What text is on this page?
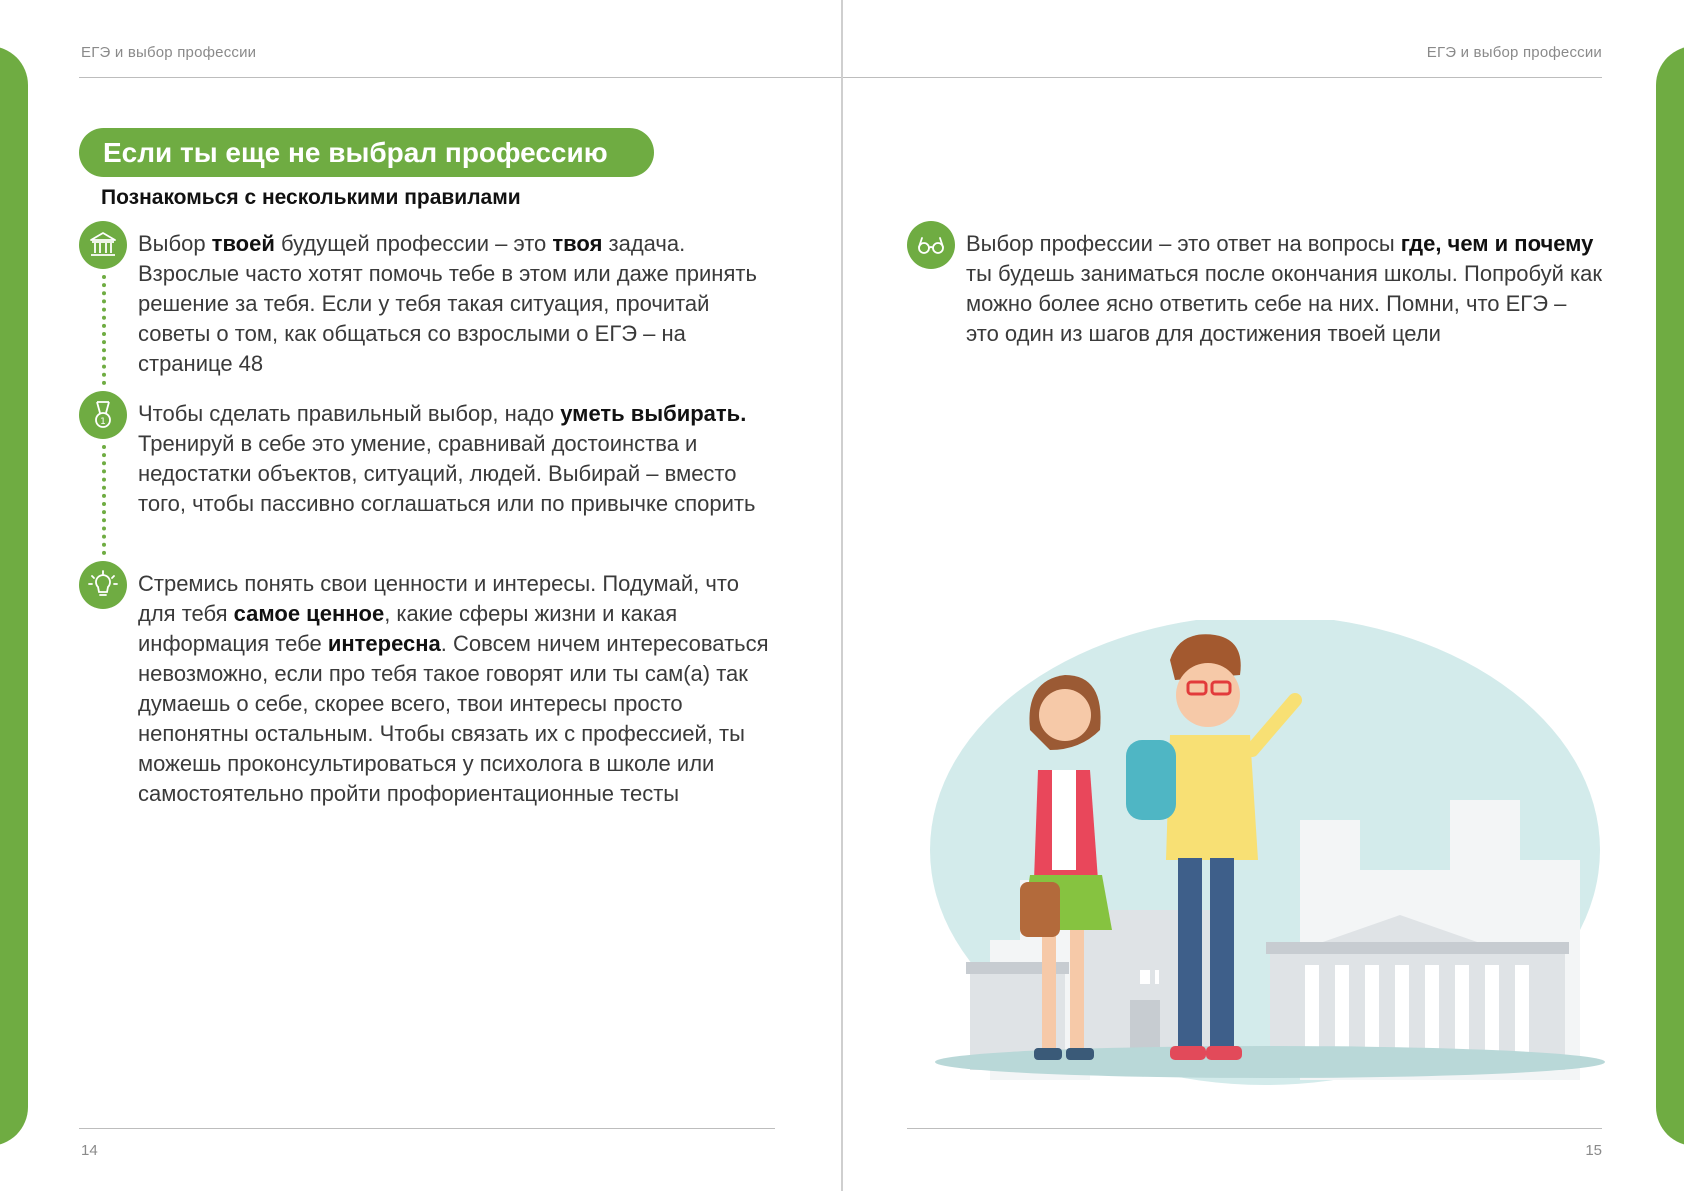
ЕГЭ и выбор профессии	ЕГЭ и выбор профессии
Если ты еще не выбрал профессию
Познакомься с несколькими правилами
Выбор твоей будущей профессии – это твоя задача. Взрослые часто хотят помочь тебе в этом или даже принять решение за тебя. Если у тебя такая ситуация, прочитай советы о том, как общаться со взрослыми о ЕГЭ – на странице 48
1 Чтобы сделать правильный выбор, надо уметь выбирать. Тренируй в себе это умение, сравнивай достоинства и недостатки объектов, ситуаций, людей. Выбирай – вместо того, чтобы пассивно соглашаться или по привычке спорить
Стремись понять свои ценности и интересы. Подумай, что для тебя самое ценное, какие сферы жизни и какая информация тебе интересна. Совсем ничем интересоваться невозможно, если про тебя такое говорят или ты сам(а) так думаешь о себе, скорее всего, твои интересы просто непонятны остальным. Чтобы связать их с профессией, ты можешь проконсультироваться у психолога в школе или самостоятельно пройти профориентационные тесты
Выбор профессии – это ответ на вопросы где, чем и почему ты будешь заниматься после окончания школы. Попробуй как можно более ясно ответить себе на них. Помни, что ЕГЭ – это один из шагов для достижения твоей цели
14	15
